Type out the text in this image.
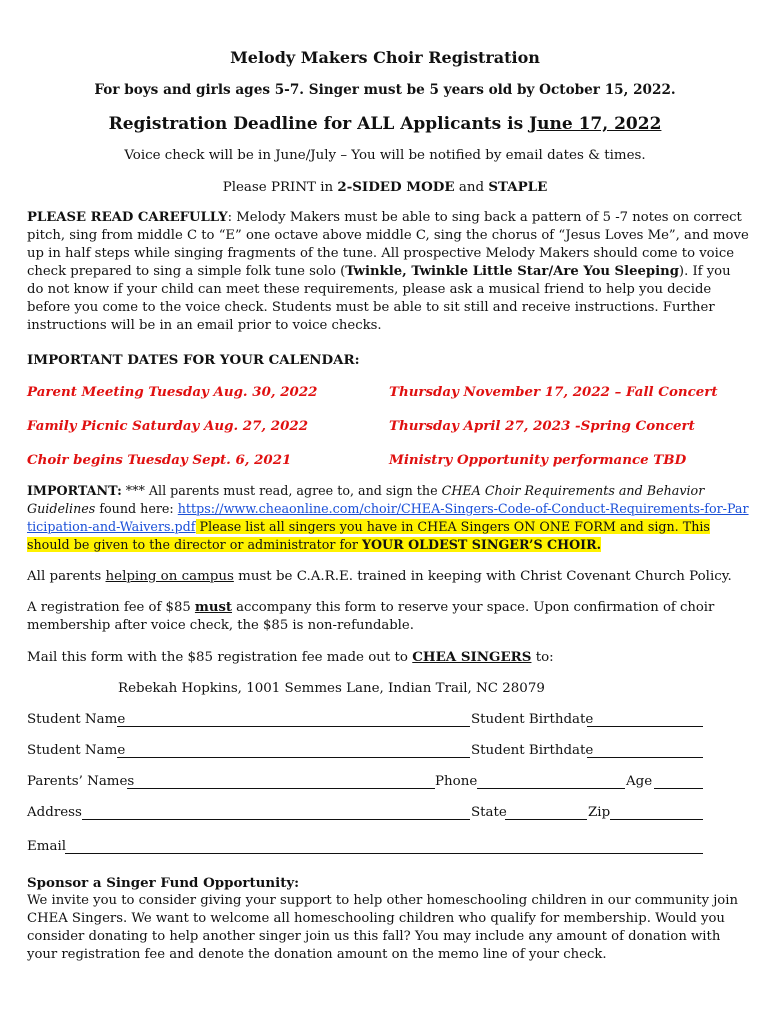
Melody Makers Choir Registration
For boys and girls ages 5-7. Singer must be 5 years old by October 15, 2022.
Registration Deadline for ALL Applicants is June 17, 2022
Voice check will be in June/July – You will be notified by email dates & times.
Please PRINT in 2-SIDED MODE and STAPLE
PLEASE READ CAREFULLY: Melody Makers must be able to sing back a pattern of 5 -7 notes on correct pitch, sing from middle C to “E” one octave above middle C, sing the chorus of “Jesus Loves Me”, and move up in half steps while singing fragments of the tune. All prospective Melody Makers should come to voice check prepared to sing a simple folk tune solo (Twinkle, Twinkle Little Star/Are You Sleeping). If you do not know if your child can meet these requirements, please ask a musical friend to help you decide before you come to the voice check. Students must be able to sit still and receive instructions. Further instructions will be in an email prior to voice checks.
IMPORTANT DATES FOR YOUR CALENDAR:
Parent Meeting Tuesday Aug. 30, 2022	Thursday November 17, 2022 – Fall Concert
Family Picnic Saturday Aug. 27, 2022	Thursday April 27, 2023 -Spring Concert
Choir begins Tuesday Sept. 6, 2021	Ministry Opportunity performance TBD
IMPORTANT: *** All parents must read, agree to, and sign the CHEA Choir Requirements and Behavior Guidelines found here: https://www.cheaonline.com/choir/CHEA-Singers-Code-of-Conduct-Requirements-for-Participation-and-Waivers.pdf Please list all singers you have in CHEA Singers ON ONE FORM and sign. This should be given to the director or administrator for YOUR OLDEST SINGER’S CHOIR.
All parents helping on campus must be C.A.R.E. trained in keeping with Christ Covenant Church Policy.
A registration fee of $85 must accompany this form to reserve your space. Upon confirmation of choir membership after voice check, the $85 is non-refundable.
Mail this form with the $85 registration fee made out to CHEA SINGERS to:
Rebekah Hopkins, 1001 Semmes Lane, Indian Trail, NC 28079
Student Name	Student Birthdate
Student Name	Student Birthdate
Parents’ Names	Phone	Age
Address	State	Zip
Email
Sponsor a Singer Fund Opportunity:
We invite you to consider giving your support to help other homeschooling children in our community join CHEA Singers. We want to welcome all homeschooling children who qualify for membership. Would you consider donating to help another singer join us this fall? You may include any amount of donation with your registration fee and denote the donation amount on the memo line of your check.
